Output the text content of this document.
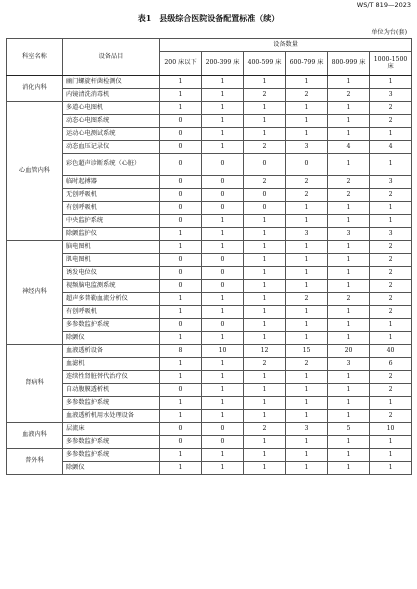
WS/T 819—2023
表1　县级综合医院设备配置标准（续）
单位为台(套)
科室名称	设备品目	设备数量					
		200 床以下	200-399 床	400-599 床	600-799 床	800-999 床	1000-1500 床
消化内科	幽门螺旋杆菌检测仪	1	1	1	1	1	1
	内镜清洗消毒机	1	1	2	2	2	3
心血管内科	多道心电图机	1	1	1	1	1	2
	动态心电图系统	0	1	1	1	1	2
	运动心电测试系统	0	1	1	1	1	1
	动态血压记录仪	0	1	2	3	4	4
	彩色超声诊断系统（心脏）	0	0	0	0	1	1
	临时起搏器	0	0	2	2	2	3
	无创呼吸机	0	0	0	2	2	2
	有创呼吸机	0	0	0	1	1	1
	中央监护系统	0	1	1	1	1	1
	除颤监护仪	1	1	1	3	3	3
神经内科	脑电图机	1	1	1	1	1	2
	肌电图机	0	0	1	1	1	2
	诱发电位仪	0	0	1	1	1	2
	视频脑电监测系统	0	0	1	1	1	2
	超声多普勒血流分析仪	1	1	1	2	2	2
	有创呼吸机	1	1	1	1	1	2
	多参数监护系统	0	0	1	1	1	1
	除颤仪	1	1	1	1	1	1
肾病科	血液透析设备	8	10	12	15	20	40
	血滤机	1	1	2	2	3	6
	连续性肾脏替代治疗仪	1	1	1	1	1	2
	自动腹膜透析机	0	1	1	1	1	2
	多参数监护系统	1	1	1	1	1	1
	血液透析机用水处理设备	1	1	1	1	1	2
血液内科	层流床	0	0	2	3	5	10
	多参数监护系统	0	0	1	1	1	1
普外科	多参数监护系统	1	1	1	1	1	1
	除颤仪	1	1	1	1	1	1
